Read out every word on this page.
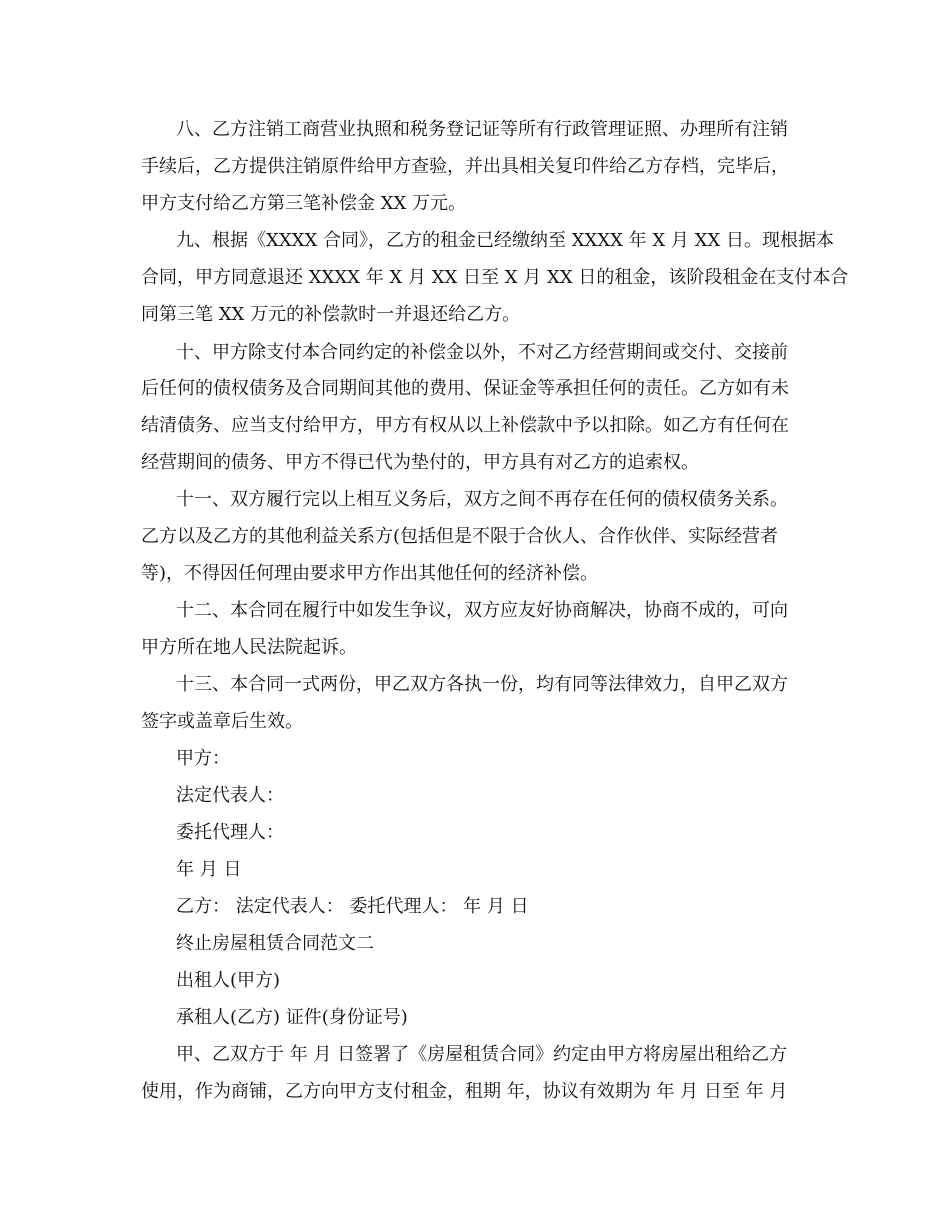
八、乙方注销工商营业执照和税务登记证等所有行政管理证照、办理所有注销

手续后，乙方提供注销原件给甲方查验，并出具相关复印件给乙方存档，完毕后，

甲方支付给乙方第三笔补偿金 XX 万元。

九、根据《XXXX 合同》，乙方的租金已经缴纳至 XXXX 年 X 月 XX 日。现根据本

合同，甲方同意退还 XXXX 年 X 月 XX 日至 X 月 XX 日的租金，该阶段租金在支付本合

同第三笔 XX 万元的补偿款时一并退还给乙方。

十、甲方除支付本合同约定的补偿金以外，不对乙方经营期间或交付、交接前

后任何的债权债务及合同期间其他的费用、保证金等承担任何的责任。乙方如有未

结清债务、应当支付给甲方，甲方有权从以上补偿款中予以扣除。如乙方有任何在

经营期间的债务、甲方不得已代为垫付的，甲方具有对乙方的追索权。

十一、双方履行完以上相互义务后，双方之间不再存在任何的债权债务关系。

乙方以及乙方的其他利益关系方(包括但是不限于合伙人、合作伙伴、实际经营者

等)，不得因任何理由要求甲方作出其他任何的经济补偿。

十二、本合同在履行中如发生争议，双方应友好协商解决，协商不成的，可向

甲方所在地人民法院起诉。

十三、本合同一式两份，甲乙双方各执一份，均有同等法律效力，自甲乙双方

签字或盖章后生效。

甲方：

法定代表人：

委托代理人：

年 月 日

乙方： 法定代表人： 委托代理人： 年 月 日

终止房屋租赁合同范文二

出租人(甲方)

承租人(乙方) 证件(身份证号)

甲、乙双方于 年 月 日签署了《房屋租赁合同》约定由甲方将房屋出租给乙方

使用，作为商铺，乙方向甲方支付租金，租期 年，协议有效期为 年 月 日至 年 月
